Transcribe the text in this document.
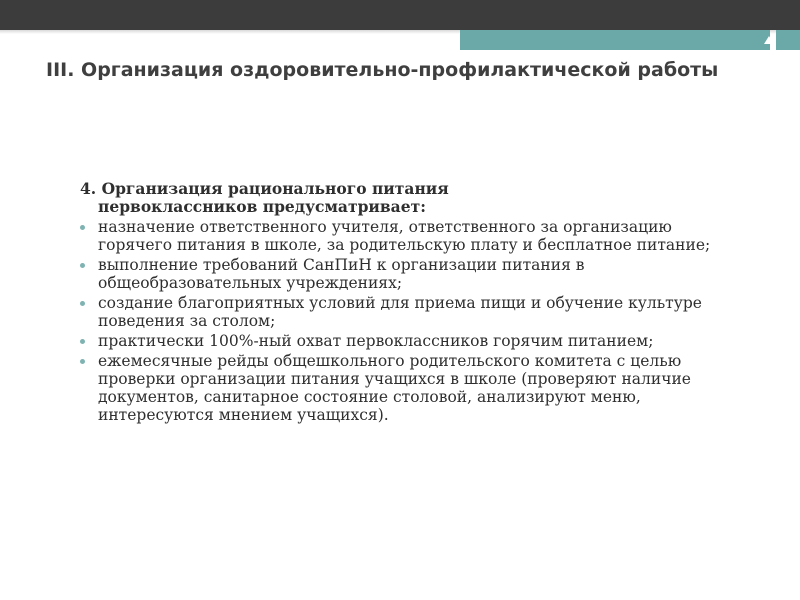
III. Организация оздоровительно-профилактической работы
4. Организация рационального питания
первоклассников предусматривает:
назначение ответственного учителя, ответственного за организацию горячего питания в школе, за родительскую плату и бесплатное питание;
выполнение требований СанПиН к организации питания в общеобразовательных учреждениях;
создание благоприятных условий для приема пищи и обучение культуре поведения за столом;
практически 100%-ный охват первоклассников горячим питанием;
ежемесячные рейды общешкольного родительского комитета с целью проверки организации питания учащихся в школе (проверяют наличие документов, санитарное состояние столовой, анализируют меню, интересуются мнением учащихся).
